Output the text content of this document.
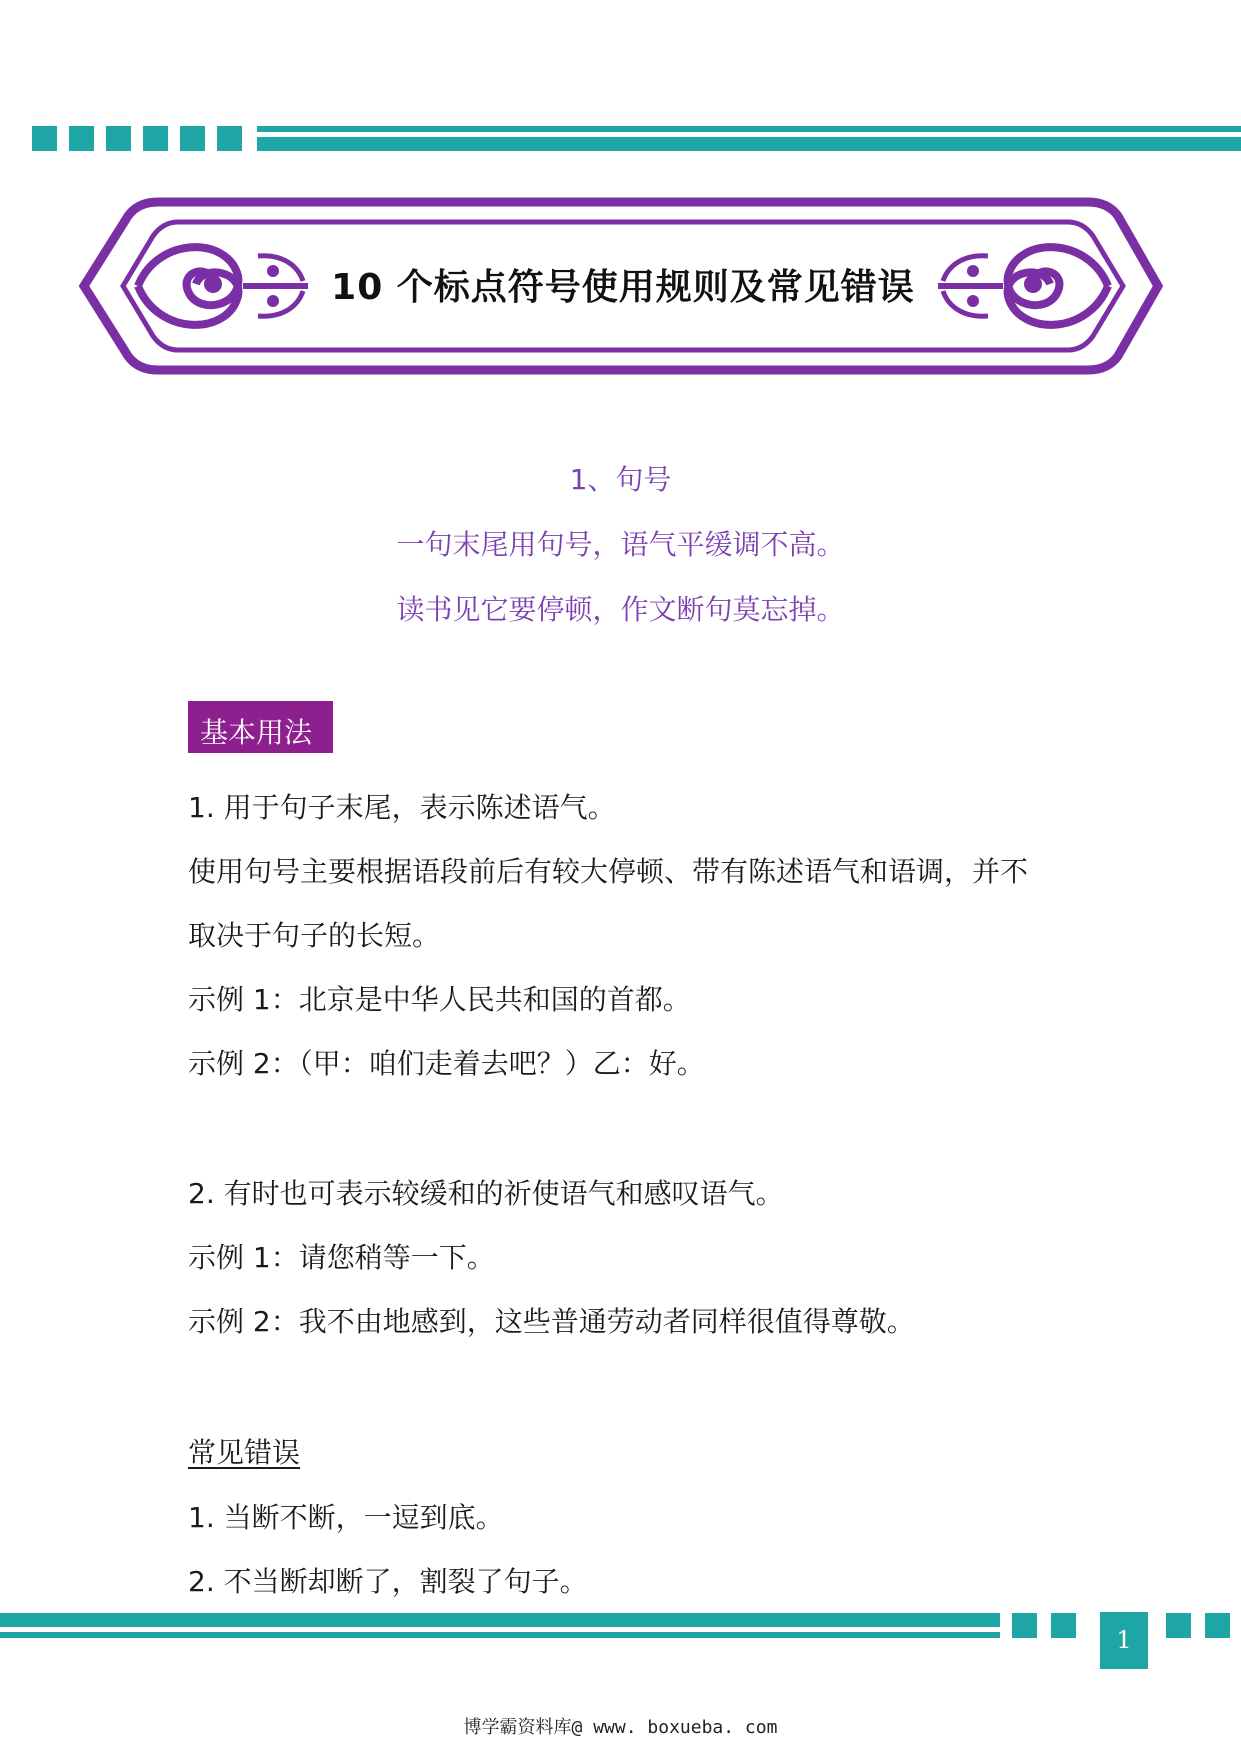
10 个标点符号使用规则及常见错误
1、句号
一句末尾用句号，语气平缓调不高。
读书见它要停顿，作文断句莫忘掉。
基本用法
1. 用于句子末尾，表示陈述语气。
使用句号主要根据语段前后有较大停顿、带有陈述语气和语调，并不
取决于句子的长短。
示例 1：北京是中华人民共和国的首都。
示例 2：（甲：咱们走着去吧？）乙：好。
2. 有时也可表示较缓和的祈使语气和感叹语气。
示例 1：请您稍等一下。
示例 2：我不由地感到，这些普通劳动者同样很值得尊敬。
常见错误
1. 当断不断，一逗到底。
2. 不当断却断了，割裂了句子。
1
博学霸资料库@ www. boxueba. com
